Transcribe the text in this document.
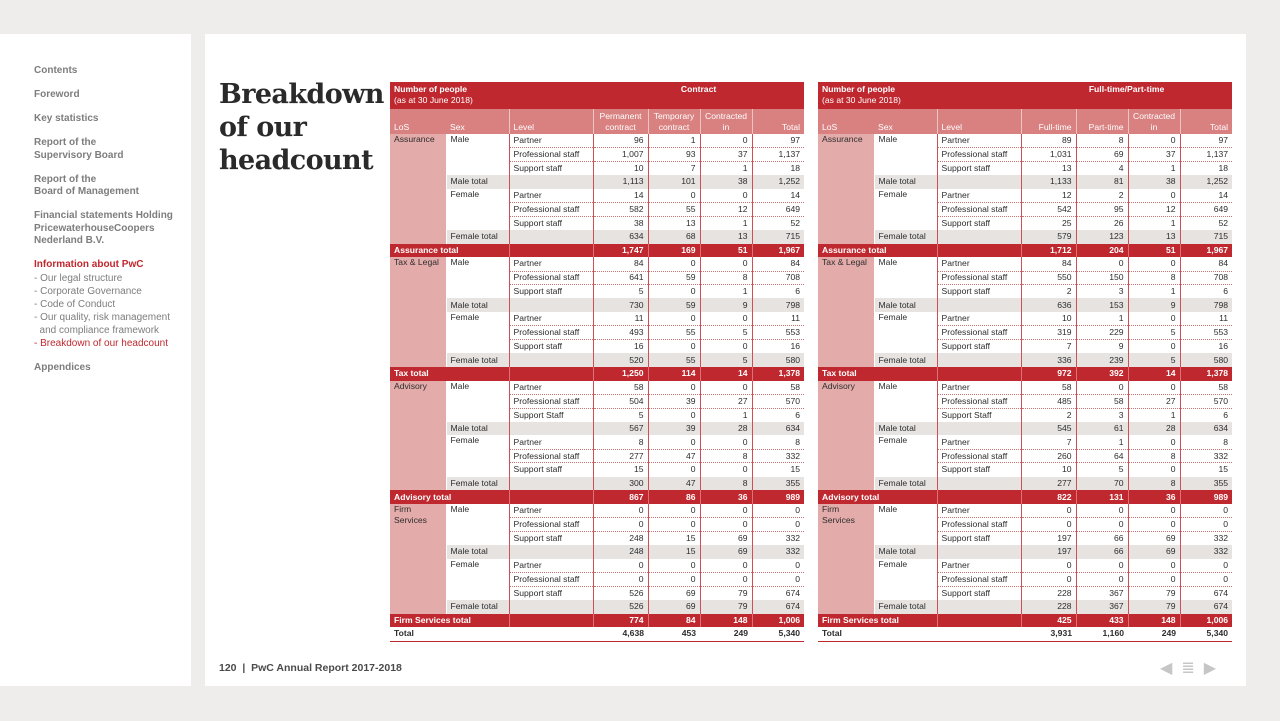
Contents
Foreword
Key statistics
Report of the
Supervisory Board
Report of the
Board of Management
Financial statements Holding
PricewaterhouseCoopers
Nederland B.V.
Information about PwC
- Our legal structure
- Corporate Governance
- Code of Conduct
- Our quality, risk management
and compliance framework
- Breakdown of our headcount
Appendices
Breakdown of our headcount
Number of people
(as at 30 June 2018)			Contract			
LoS	Sex	Level	Permanent contract	Temporary contract	Contracted in	Total
Assurance	Male	Partner	96	1	0	97
		Professional staff	1,007	93	37	1,137
		Support staff	10	7	1	18
	Male total		1,113	101	38	1,252
	Female	Partner	14	0	0	14
		Professional staff	582	55	12	649
		Support staff	38	13	1	52
	Female total		634	68	13	715
Assurance total			1,747	169	51	1,967
Tax & Legal	Male	Partner	84	0	0	84
		Professional staff	641	59	8	708
		Support staff	5	0	1	6
	Male total		730	59	9	798
	Female	Partner	11	0	0	11
		Professional staff	493	55	5	553
		Support staff	16	0	0	16
	Female total		520	55	5	580
Tax total			1,250	114	14	1,378
Advisory	Male	Partner	58	0	0	58
		Professional staff	504	39	27	570
		Support Staff	5	0	1	6
	Male total		567	39	28	634
	Female	Partner	8	0	0	8
		Professional staff	277	47	8	332
		Support staff	15	0	0	15
	Female total		300	47	8	355
Advisory total			867	86	36	989
Firm Services	Male	Partner	0	0	0	0
		Professional staff	0	0	0	0
		Support staff	248	15	69	332
	Male total		248	15	69	332
	Female	Partner	0	0	0	0
		Professional staff	0	0	0	0
		Support staff	526	69	79	674
	Female total		526	69	79	674
Firm Services total			774	84	148	1,006
Total			4,638	453	249	5,340
Number of people
(as at 30 June 2018)			Full-time/Part-time			
LoS	Sex	Level	Full-time	Part-time	Contracted in	Total
Assurance	Male	Partner	89	8	0	97
		Professional staff	1,031	69	37	1,137
		Support staff	13	4	1	18
	Male total		1,133	81	38	1,252
	Female	Partner	12	2	0	14
		Professional staff	542	95	12	649
		Support staff	25	26	1	52
	Female total		579	123	13	715
Assurance total			1,712	204	51	1,967
Tax & Legal	Male	Partner	84	0	0	84
		Professional staff	550	150	8	708
		Support staff	2	3	1	6
	Male total		636	153	9	798
	Female	Partner	10	1	0	11
		Professional staff	319	229	5	553
		Support staff	7	9	0	16
	Female total		336	239	5	580
Tax total			972	392	14	1,378
Advisory	Male	Partner	58	0	0	58
		Professional staff	485	58	27	570
		Support Staff	2	3	1	6
	Male total		545	61	28	634
	Female	Partner	7	1	0	8
		Professional staff	260	64	8	332
		Support staff	10	5	0	15
	Female total		277	70	8	355
Advisory total			822	131	36	989
Firm Services	Male	Partner	0	0	0	0
		Professional staff	0	0	0	0
		Support staff	197	66	69	332
	Male total		197	66	69	332
	Female	Partner	0	0	0	0
		Professional staff	0	0	0	0
		Support staff	228	367	79	674
	Female total		228	367	79	674
Firm Services total			425	433	148	1,006
Total			3,931	1,160	249	5,340
120  |  PwC Annual Report 2017-2018	◀ ≣ ▶
